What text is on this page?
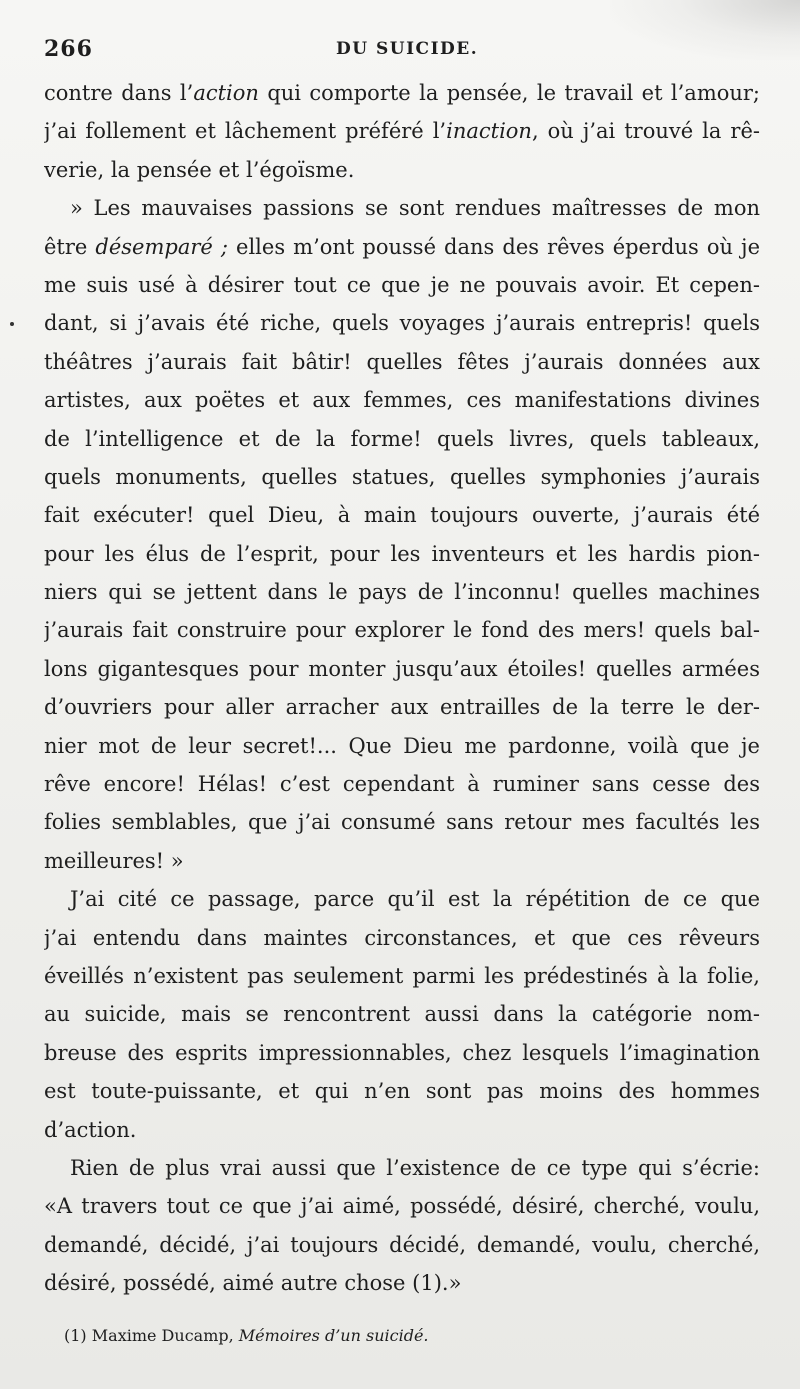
266	DU SUICIDE.
contre dans l’action qui comporte la pensée, le travail et l’amour;
j’ai follement et lâchement préféré l’inaction, où j’ai trouvé la rê-
verie, la pensée et l’égoïsme.
» Les mauvaises passions se sont rendues maîtresses de mon
être désemparé ; elles m’ont poussé dans des rêves éperdus où je
me suis usé à désirer tout ce que je ne pouvais avoir. Et cepen-
dant, si j’avais été riche, quels voyages j’aurais entrepris! quels
théâtres j’aurais fait bâtir! quelles fêtes j’aurais données aux
artistes, aux poëtes et aux femmes, ces manifestations divines
de l’intelligence et de la forme! quels livres, quels tableaux,
quels monuments, quelles statues, quelles symphonies j’aurais
fait exécuter! quel Dieu, à main toujours ouverte, j’aurais été
pour les élus de l’esprit, pour les inventeurs et les hardis pion-
niers qui se jettent dans le pays de l’inconnu! quelles machines
j’aurais fait construire pour explorer le fond des mers! quels bal-
lons gigantesques pour monter jusqu’aux étoiles! quelles armées
d’ouvriers pour aller arracher aux entrailles de la terre le der-
nier mot de leur secret!... Que Dieu me pardonne, voilà que je
rêve encore! Hélas! c’est cependant à ruminer sans cesse des
folies semblables, que j’ai consumé sans retour mes facultés les
meilleures! »
J’ai cité ce passage, parce qu’il est la répétition de ce que
j’ai entendu dans maintes circonstances, et que ces rêveurs
éveillés n’existent pas seulement parmi les prédestinés à la folie,
au suicide, mais se rencontrent aussi dans la catégorie nom-
breuse des esprits impressionnables, chez lesquels l’imagination
est toute-puissante, et qui n’en sont pas moins des hommes
d’action.
Rien de plus vrai aussi que l’existence de ce type qui s’écrie:
«A travers tout ce que j’ai aimé, possédé, désiré, cherché, voulu,
demandé, décidé, j’ai toujours décidé, demandé, voulu, cherché,
désiré, possédé, aimé autre chose (1).»
(1) Maxime Ducamp, Mémoires d’un suicidé.
